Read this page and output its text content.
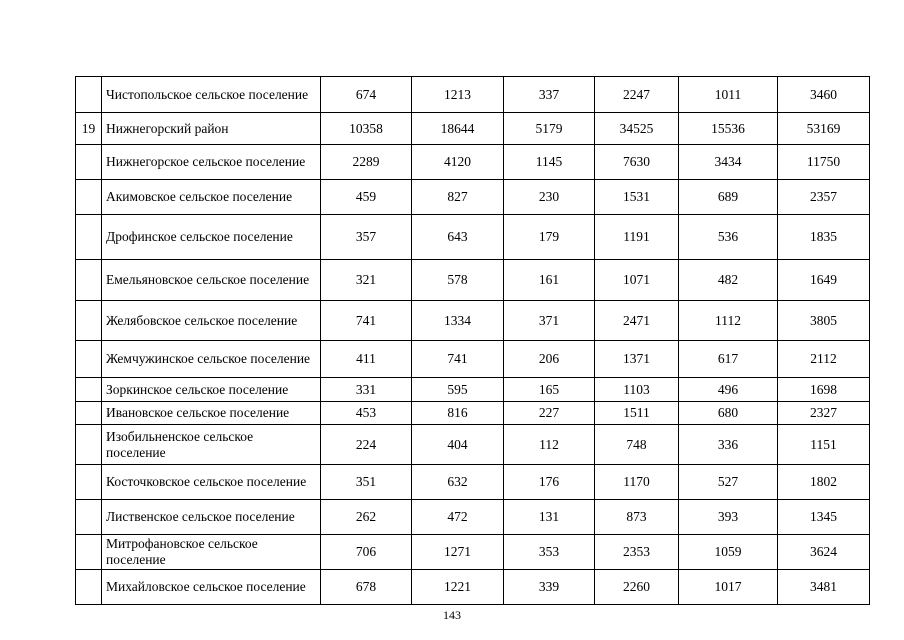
	Чистопольское сельское поселение	674	1213	337	2247	1011	3460
19	Нижнегорский район	10358	18644	5179	34525	15536	53169
	Нижнегорское сельское поселение	2289	4120	1145	7630	3434	11750
	Акимовское сельское поселение	459	827	230	1531	689	2357
	Дрофинское сельское поселение	357	643	179	1191	536	1835
	Емельяновское сельское поселение	321	578	161	1071	482	1649
	Желябовское сельское поселение	741	1334	371	2471	1112	3805
	Жемчужинское сельское поселение	411	741	206	1371	617	2112
	Зоркинское сельское поселение	331	595	165	1103	496	1698
	Ивановское сельское поселение	453	816	227	1511	680	2327
	Изобильненское сельское поселение	224	404	112	748	336	1151
	Косточковское сельское поселение	351	632	176	1170	527	1802
	Лиственское сельское поселение	262	472	131	873	393	1345
	Митрофановское сельское поселение	706	1271	353	2353	1059	3624
	Михайловское сельское поселение	678	1221	339	2260	1017	3481
143
